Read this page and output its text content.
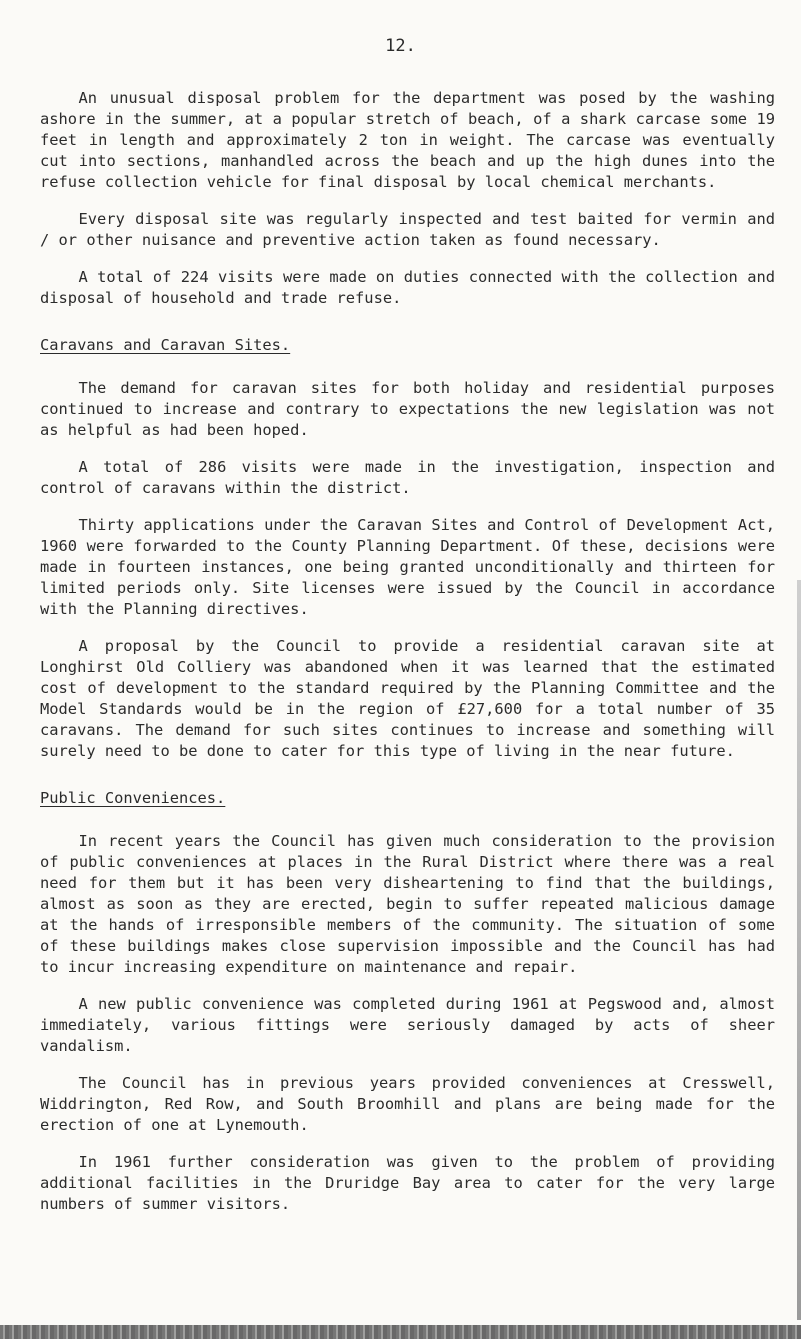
12.

An unusual disposal problem for the department was posed by the washing ashore in the summer, at a popular stretch of beach, of a shark carcase some 19 feet in length and approximately 2 ton in weight. The carcase was eventually cut into sections, manhandled across the beach and up the high dunes into the refuse collection vehicle for final disposal by local chemical merchants.

Every disposal site was regularly inspected and test baited for vermin and / or other nuisance and preventive action taken as found necessary.

A total of 224 visits were made on duties connected with the collection and disposal of household and trade refuse.

Caravans and Caravan Sites.

The demand for caravan sites for both holiday and residential purposes continued to increase and contrary to expectations the new legislation was not as helpful as had been hoped.

A total of 286 visits were made in the investigation, inspection and control of caravans within the district.

Thirty applications under the Caravan Sites and Control of Development Act, 1960 were forwarded to the County Planning Department. Of these, decisions were made in fourteen instances, one being granted unconditionally and thirteen for limited periods only. Site licenses were issued by the Council in accordance with the Planning directives.

A proposal by the Council to provide a residential caravan site at Longhirst Old Colliery was abandoned when it was learned that the estimated cost of development to the standard required by the Planning Committee and the Model Standards would be in the region of £27,600 for a total number of 35 caravans. The demand for such sites continues to increase and something will surely need to be done to cater for this type of living in the near future.

Public Conveniences.

In recent years the Council has given much consideration to the provision of public conveniences at places in the Rural District where there was a real need for them but it has been very disheartening to find that the buildings, almost as soon as they are erected, begin to suffer repeated malicious damage at the hands of irresponsible members of the community. The situation of some of these buildings makes close supervision impossible and the Council has had to incur increasing expenditure on maintenance and repair.

A new public convenience was completed during 1961 at Pegswood and, almost immediately, various fittings were seriously damaged by acts of sheer vandalism.

The Council has in previous years provided conveniences at Cresswell, Widdrington, Red Row, and South Broomhill and plans are being made for the erection of one at Lynemouth.

In 1961 further consideration was given to the problem of providing additional facilities in the Druridge Bay area to cater for the very large numbers of summer visitors.
